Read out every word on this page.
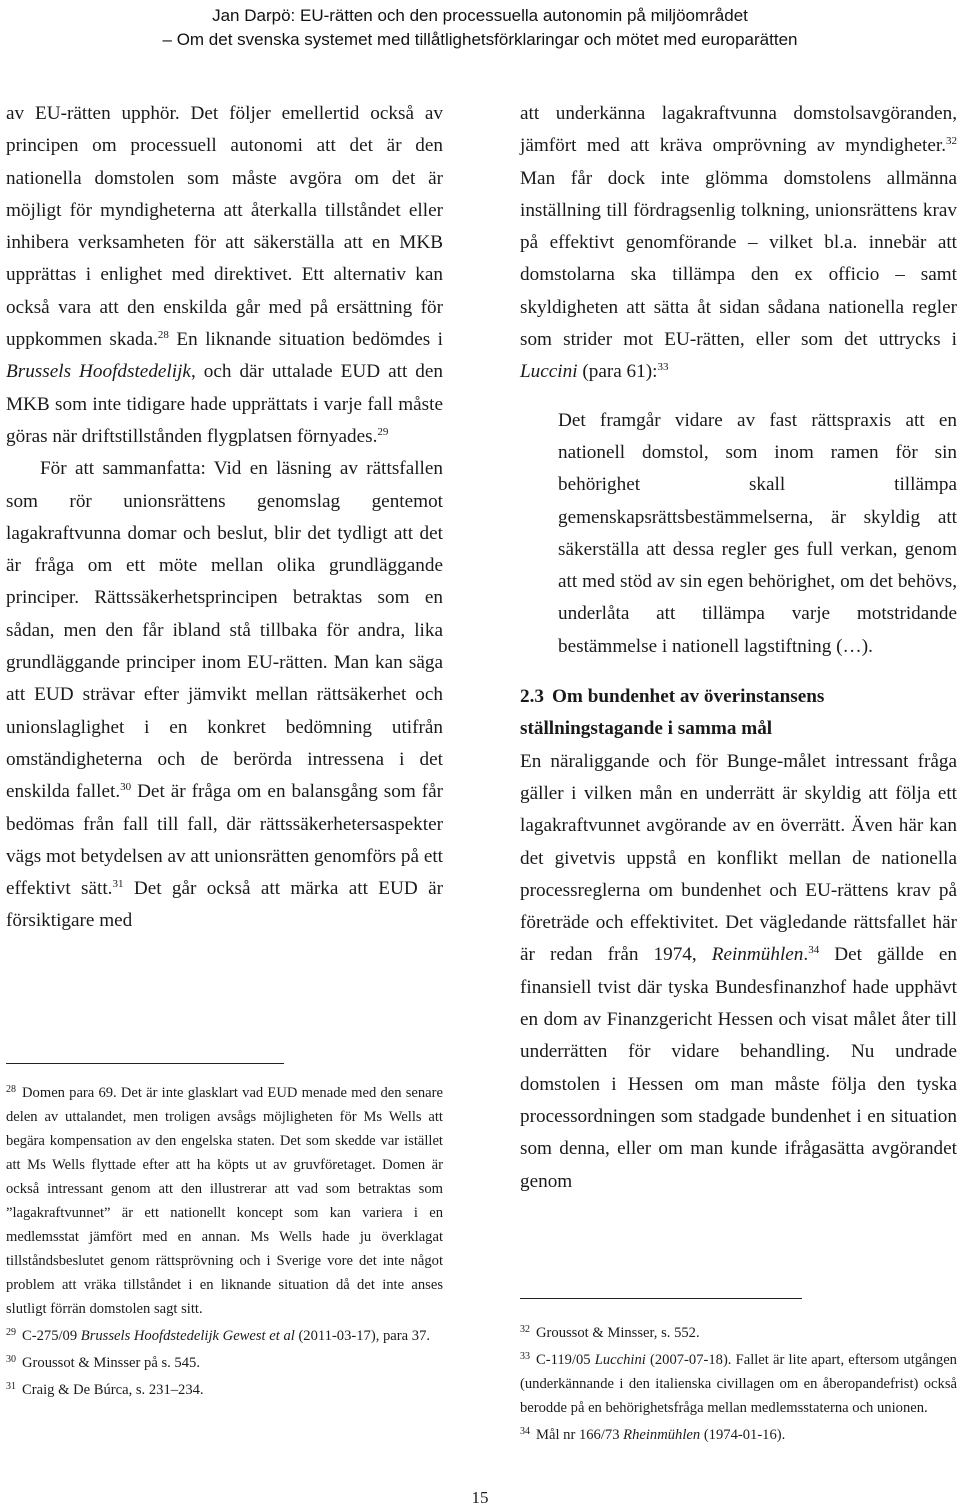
Jan Darpö: EU-rätten och den processuella autonomin på miljöområdet
– Om det svenska systemet med tillåtlighetsförklaringar och mötet med europarätten

av EU-rätten upphör. Det följer emellertid också av principen om processuell autonomi att det är den nationella domstolen som måste avgöra om det är möjligt för myndigheterna att återkalla tillståndet eller inhibera verksamheten för att säkerställa att en MKB upprättas i enlighet med direktivet. Ett alternativ kan också vara att den enskilda går med på ersättning för uppkommen skada.$^{28}$ En liknande situation bedömdes i Brussels Hoofdstedelijk, och där uttalade EUD att den MKB som inte tidigare hade upprättats i varje fall måste göras när driftstillstånden flygplatsen förnyades.$^{29}$

För att sammanfatta: Vid en läsning av rättsfallen som rör unionsrättens genomslag gentemot lagakraftvunna domar och beslut, blir det tydligt att det är fråga om ett möte mellan olika grundläggande principer. Rättssäkerhetsprincipen betraktas som en sådan, men den får ibland stå tillbaka för andra, lika grundläggande principer inom EU-rätten. Man kan säga att EUD strävar efter jämvikt mellan rättsäkerhet och unionslaglighet i en konkret bedömning utifrån omständigheterna och de berörda intressena i det enskilda fallet.$^{30}$ Det är fråga om en balansgång som får bedömas från fall till fall, där rättssäkerhetersaspekter vägs mot betydelsen av att unionsrätten genomförs på ett effektivt sätt.$^{31}$ Det går också att märka att EUD är försiktigare med

$^{28}$ Domen para 69. Det är inte glasklart vad EUD menade med den senare delen av uttalandet, men troligen avsågs möjligheten för Ms Wells att begära kompensation av den engelska staten. Det som skedde var istället att Ms Wells flyttade efter att ha köpts ut av gruvföretaget. Domen är också intressant genom att den illustrerar att vad som betraktas som ”lagakraftvunnet” är ett nationellt koncept som kan variera i en medlemsstat jämfört med en annan. Ms Wells hade ju överklagat tillståndsbeslutet genom rättsprövning och i Sverige vore det inte något problem att vräka tillståndet i en liknande situation då det inte anses slutligt förrän domstolen sagt sitt.

$^{29}$ C-275/09 Brussels Hoofdstedelijk Gewest et al (2011-03-17), para 37.

$^{30}$ Groussot & Minsser på s. 545.

$^{31}$ Craig & De Búrca, s. 231–234.

att underkänna lagakraftvunna domstolsavgöranden, jämfört med att kräva omprövning av myndigheter.$^{32}$ Man får dock inte glömma domstolens allmänna inställning till fördragsenlig tolkning, unionsrättens krav på effektivt genomförande – vilket bl.a. innebär att domstolarna ska tillämpa den ex officio – samt skyldigheten att sätta åt sidan sådana nationella regler som strider mot EU-rätten, eller som det uttrycks i Luccini (para 61):$^{33}$

Det framgår vidare av fast rättspraxis att en nationell domstol, som inom ramen för sin behörighet skall tillämpa gemenskapsrättsbestämmelserna, är skyldig att säkerställa att dessa regler ges full verkan, genom att med stöd av sin egen behörighet, om det behövs, underlåta att tillämpa varje motstridande bestämmelse i nationell lagstiftning (…).

2.3 Om bundenhet av överinstansens ställningstagande i samma mål

En näraliggande och för Bunge-målet intressant fråga gäller i vilken mån en underrätt är skyldig att följa ett lagakraftvunnet avgörande av en överrätt. Även här kan det givetvis uppstå en konflikt mellan de nationella processreglerna om bundenhet och EU-rättens krav på företräde och effektivitet. Det vägledande rättsfallet här är redan från 1974, Reinmühlen.$^{34}$ Det gällde en finansiell tvist där tyska Bundesfinanzhof hade upphävt en dom av Finanzgericht Hessen och visat målet åter till underrätten för vidare behandling. Nu undrade domstolen i Hessen om man måste följa den tyska processordningen som stadgade bundenhet i en situation som denna, eller om man kunde ifrågasätta avgörandet genom

$^{32}$ Groussot & Minsser, s. 552.

$^{33}$ C-119/05 Lucchini (2007-07-18). Fallet är lite apart, eftersom utgången (underkännande i den italienska civillagen om en åberopandefrist) också berodde på en behörighetsfråga mellan medlemsstaterna och unionen.

$^{34}$ Mål nr 166/73 Rheinmühlen (1974-01-16).

15
